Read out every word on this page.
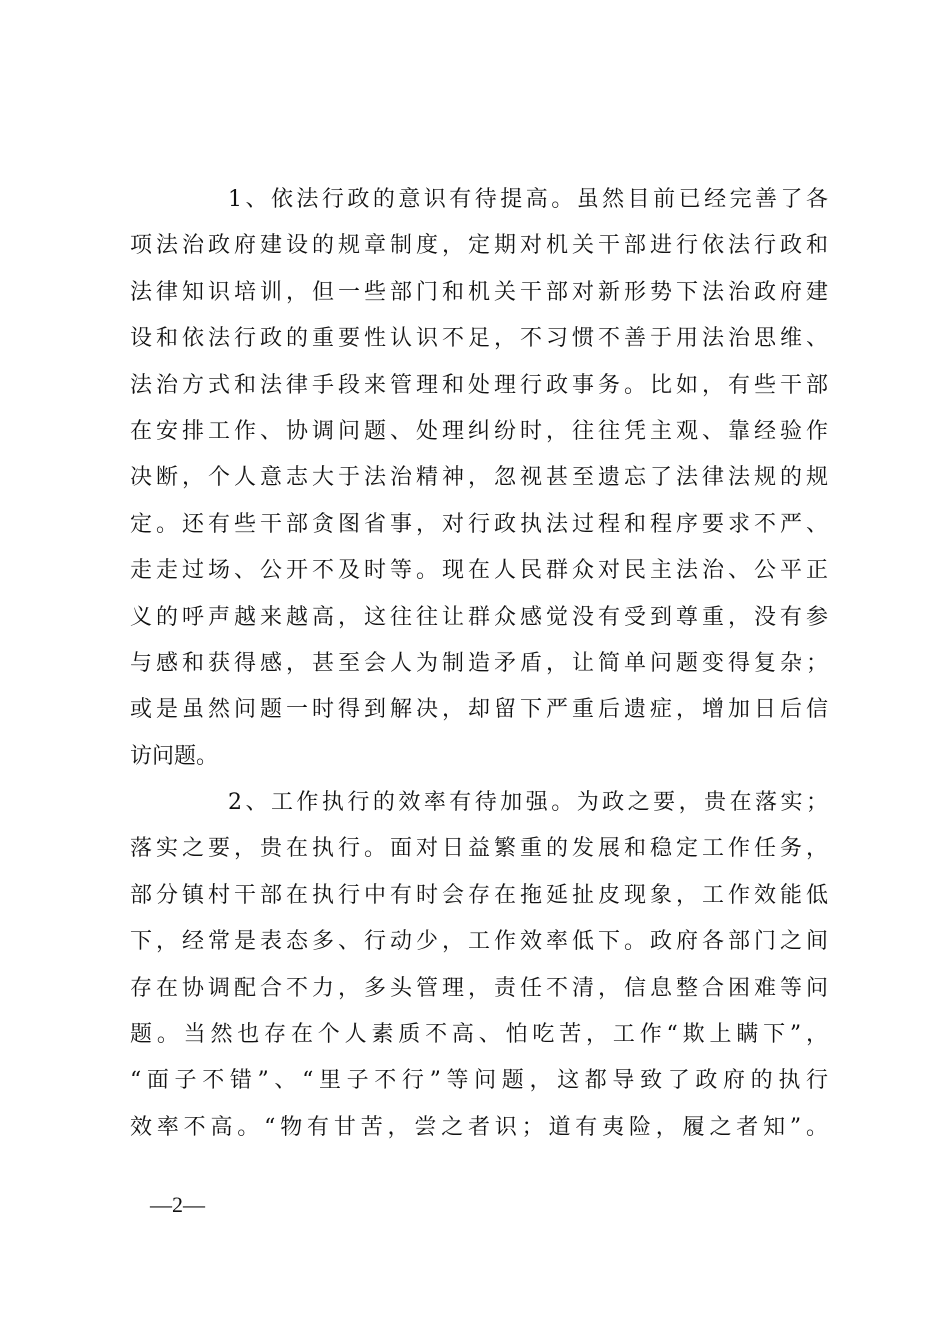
1、依法行政的意识有待提高。虽然目前已经完善了各
项法治政府建设的规章制度，定期对机关干部进行依法行政和
法律知识培训，但一些部门和机关干部对新形势下法治政府建
设和依法行政的重要性认识不足，不习惯不善于用法治思维、
法治方式和法律手段来管理和处理行政事务。比如，有些干部
在安排工作、协调问题、处理纠纷时，往往凭主观、靠经验作
决断，个人意志大于法治精神，忽视甚至遗忘了法律法规的规
定。还有些干部贪图省事，对行政执法过程和程序要求不严、
走走过场、公开不及时等。现在人民群众对民主法治、公平正
义的呼声越来越高，这往往让群众感觉没有受到尊重，没有参
与感和获得感，甚至会人为制造矛盾，让简单问题变得复杂；
或是虽然问题一时得到解决，却留下严重后遗症，增加日后信
访问题。
2、工作执行的效率有待加强。为政之要，贵在落实；
落实之要，贵在执行。面对日益繁重的发展和稳定工作任务，
部分镇村干部在执行中有时会存在拖延扯皮现象，工作效能低
下，经常是表态多、行动少，工作效率低下。政府各部门之间
存在协调配合不力，多头管理，责任不清，信息整合困难等问
题。当然也存在个人素质不高、怕吃苦，工作“欺上瞒下”，
“面子不错”、“里子不行”等问题，这都导致了政府的执行
效率不高。“物有甘苦，尝之者识；道有夷险，履之者知”。
—2—
